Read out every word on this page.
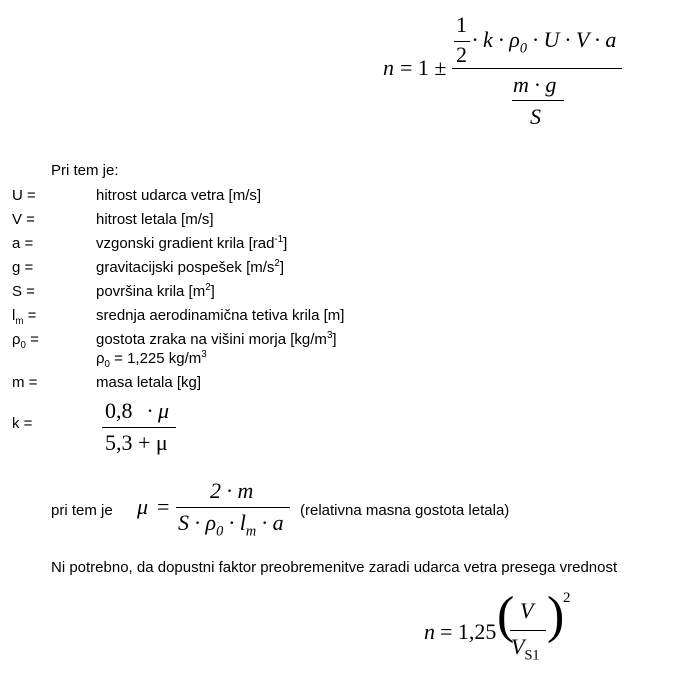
n = 1 ±
1
2
· $k \cdot \rho_0 \cdot U \cdot V \cdot a$
m · g
S
Pri tem je:
U =	hitrost udarca vetra [m/s]
V =	hitrost letala [m/s]
a =	vzgonski gradient krila [rad$^{-1}$]
g =	gravitacijski pospešek $[m/s^2]$
S =	površina krila $[m^2]$
$l_m$ =	srednja aerodinamična tetiva krila [m]
$\rho_0$ =	gostota zraka na višini morja $[kg/m^3]$
$\rho_0 = 1,225$ $kg/m^3$
m =	masa letala [kg]
k =
0,8 · μ
5,3 + μ
pri tem je μ =
2 · m
$S \cdot \rho_0 \cdot l_m \cdot a$ (relativna masna gostota letala)
Ni potrebno, da dopustni faktor preobremenitve zaradi udarca vetra presega vrednost
n = 1,25 ( V
$V_{S1}$
)
2
